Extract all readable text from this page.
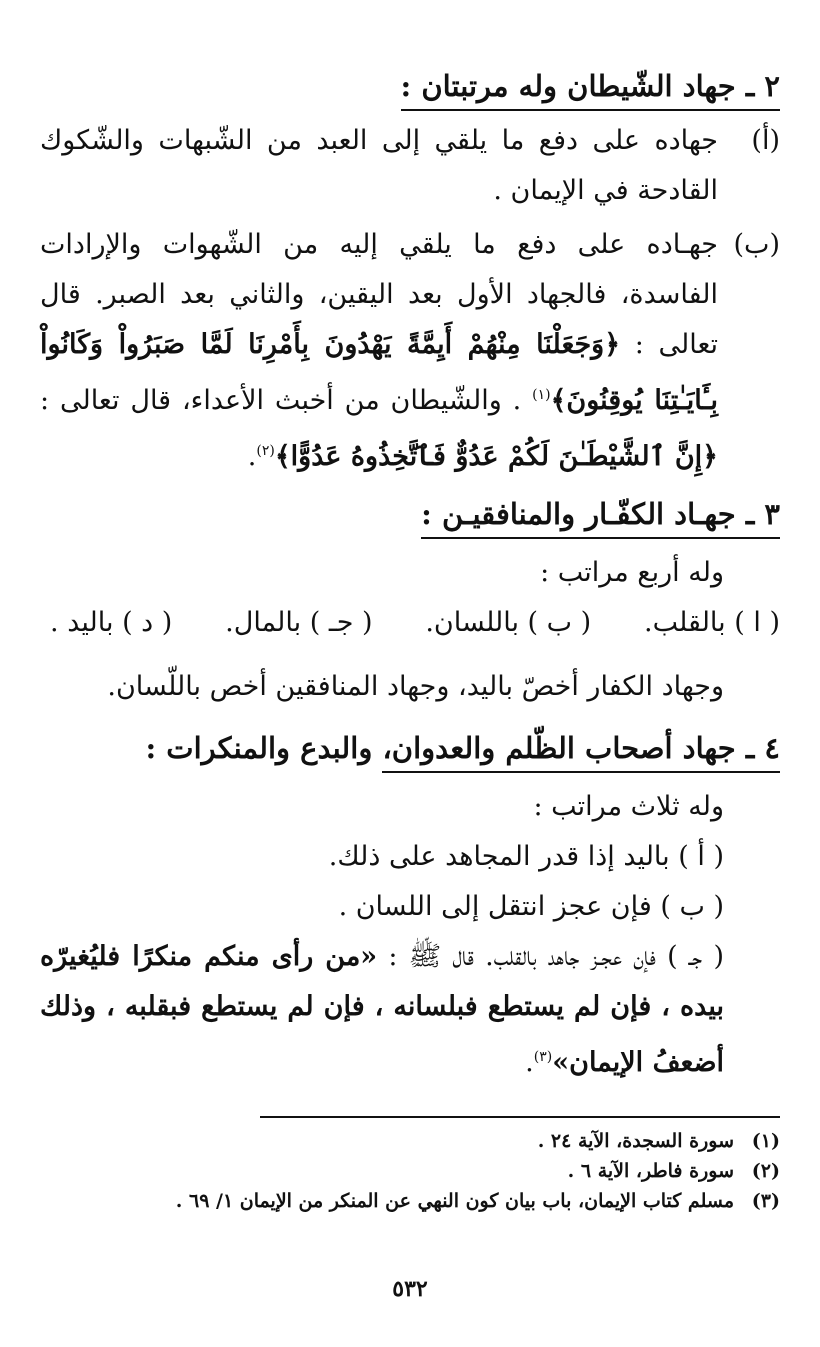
٢ ـ جهاد الشّيطان وله مرتبتان :
(أ)
جهاده على دفع ما يلقي إلى العبد من الشّبهات والشّكوك القادحة في الإيمان .
(ب)
جهـاده على دفع ما يلقي إليه من الشّهوات والإرادات الفاسدة، فالجهاد الأول بعد اليقين، والثاني بعد الصبر. قال تعالى : ﴿وَجَعَلْنَا مِنْهُمْ أَيِمَّةً يَهْدُونَ بِأَمْرِنَا لَمَّا صَبَرُواْ وَكَانُواْ بِـَٔايَـٰتِنَا يُوقِنُونَ﴾$^{(١)}$ . والشّيطان من أخبث الأعداء، قال تعالى : ﴿إِنَّ ٱلشَّيْطَـٰنَ لَكُمْ عَدُوٌّ فَٱتَّخِذُوهُ عَدُوًّا﴾$^{(٢)}$.
٣ ـ جهـاد الكفّـار والمنافقيـن :
وله أربع مراتب :
( ا ) بالقلب.
( ب ) باللسان.
( جـ ) بالمال.
( د ) باليد .
وجهاد الكفار أخصّ باليد، وجهاد المنافقين أخص باللّسان.
٤ ـ جهاد أصحاب الظّلم والعدوان، والبدع والمنكرات :
وله ثلاث مراتب :
( أ ) باليد إذا قدر المجاهد على ذلك.
( ب ) فإن عجز انتقل إلى اللسان .
( جـ ) فإن عجـز جاهد بالقلب. قال ﷺ : «من رأى منكم منكرًا فليُغيرّه بيده ، فإن لم يستطع فبلسانه ، فإن لم يستطع فبقلبه ، وذلك أضعفُ الإيمان»$^{(٣)}$.
(١)
سورة السجدة، الآية ٢٤ .
(٢)
سورة فاطر، الآية ٦ .
(٣)
مسلم كتاب الإيمان، باب بيان كون النهي عن المنكر من الإيمان ١/ ٦٩ .
٥٣٢
